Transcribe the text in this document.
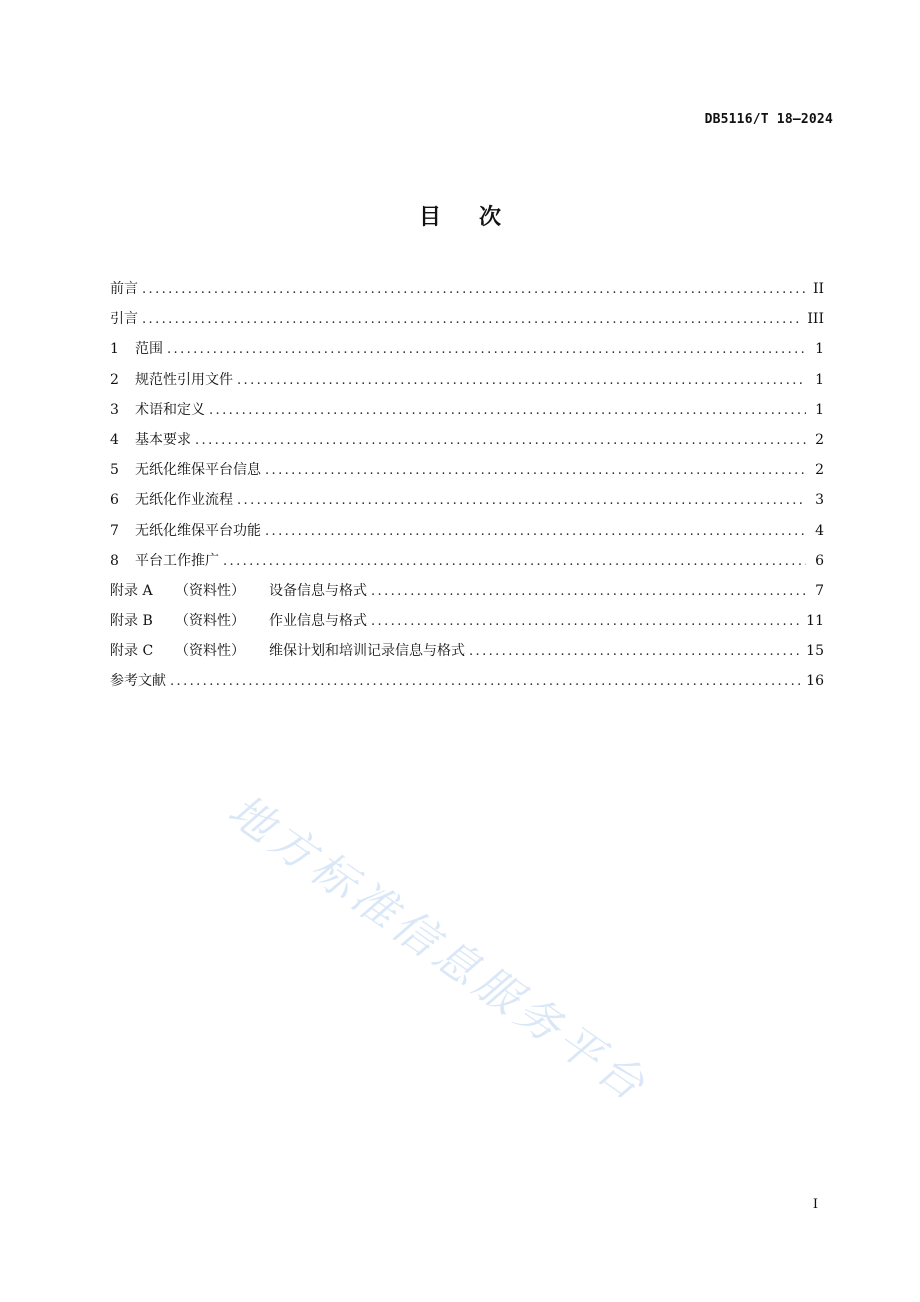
DB5116/T 18—2024
目次
前言 .....	II
引言 .....	III
1	范围 .....	1
2	规范性引用文件 .....	1
3	术语和定义 .....	1
4	基本要求 .....	2
5	无纸化维保平台信息 .....	2
6	无纸化作业流程 .....	3
7	无纸化维保平台功能 .....	4
8	平台工作推广 .....	6
附录 A	（资料性）	设备信息与格式 .....	7
附录 B	（资料性）	作业信息与格式 .....	11
附录 C	（资料性）	维保计划和培训记录信息与格式 .....	15
参考文献 .....	16
地方标准信息服务平台
I
